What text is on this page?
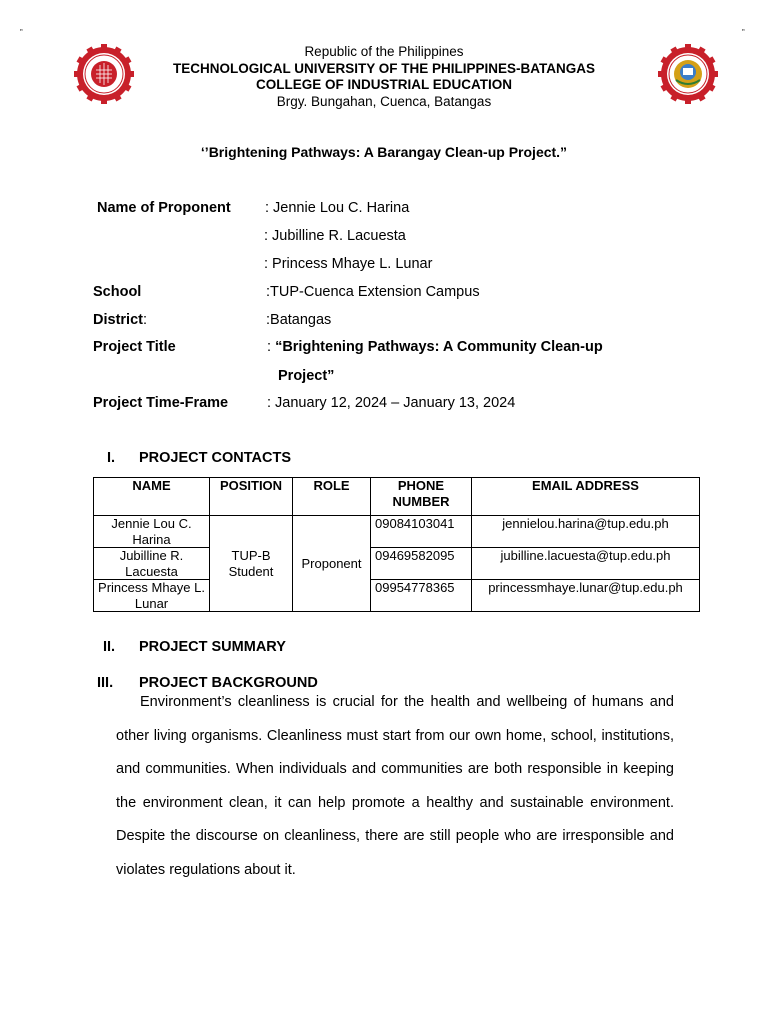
„	„
Republic of the Philippines
TECHNOLOGICAL UNIVERSITY OF THE PHILIPPINES-BATANGAS
COLLEGE OF INDUSTRIAL EDUCATION
Brgy. Bungahan, Cuenca, Batangas
‘’Brightening Pathways: A Barangay Clean-up Project.”
Name of Proponent : Jennie Lou C. Harina
: Jubilline R. Lacuesta
: Princess Mhaye L. Lunar
School	:TUP-Cuenca Extension Campus
District:	:Batangas
Project Title	: “Brightening Pathways: A Community Clean-up
Project”
Project Time-Frame	: January 12, 2024 – January 13, 2024
I. PROJECT CONTACTS
NAME	POSITION	ROLE	PHONE NUMBER	EMAIL ADDRESS
Jennie Lou C. Harina	TUP-B Student	Proponent	09084103041	jennielou.harina@tup.edu.ph
Jubilline R. Lacuesta			09469582095	jubilline.lacuesta@tup.edu.ph
Princess Mhaye L. Lunar			09954778365	princessmhaye.lunar@tup.edu.ph
II. PROJECT SUMMARY
III. PROJECT BACKGROUND
Environment’s cleanliness is crucial for the health and wellbeing of humans and other living organisms. Cleanliness must start from our own home, school, institutions, and communities. When individuals and communities are both responsible in keeping the environment clean, it can help promote a healthy and sustainable environment. Despite the discourse on cleanliness, there are still people who are irresponsible and violates regulations about it.
